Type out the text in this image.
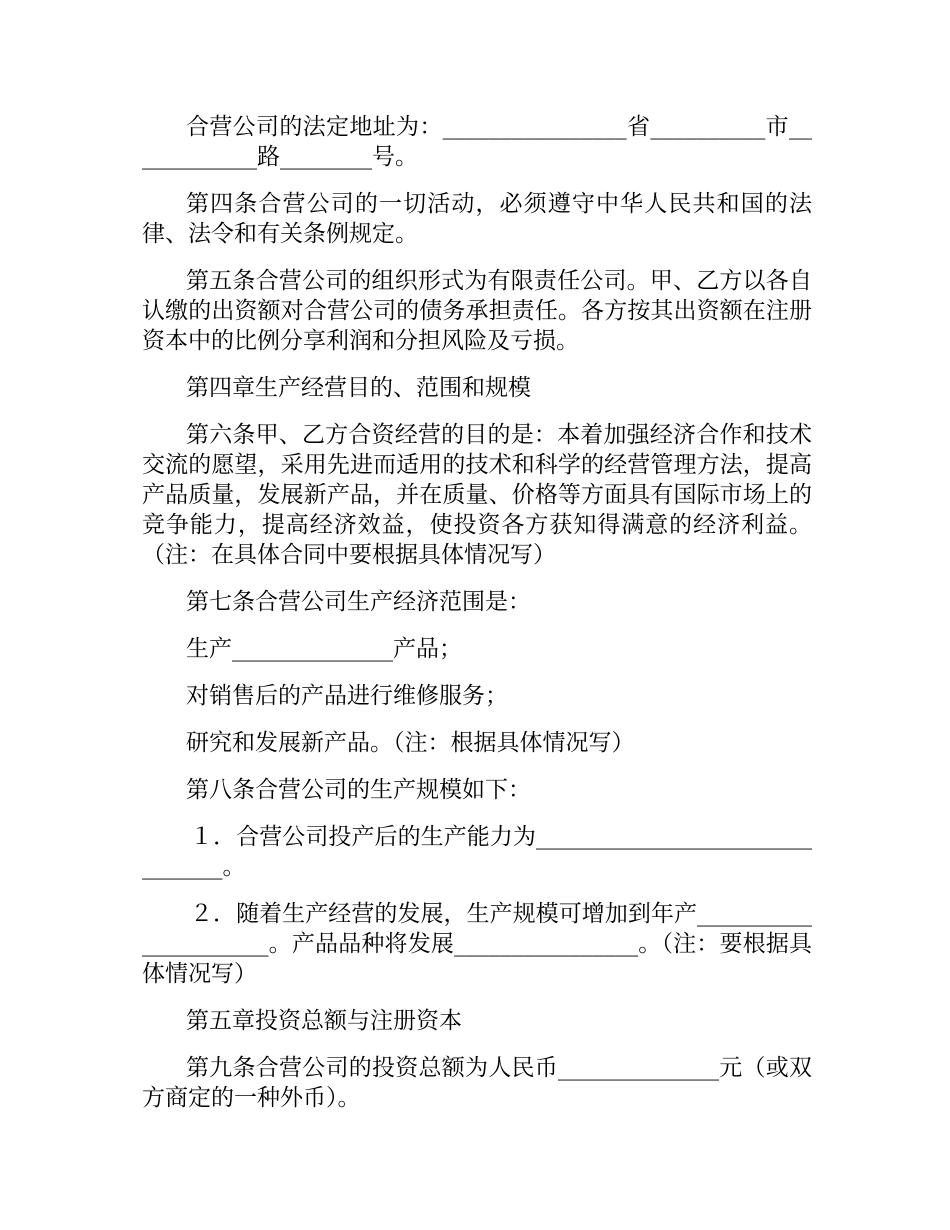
合营公司的法定地址为：________________省__________市____________路________号。

第四条合营公司的一切活动，必须遵守中华人民共和国的法律、法令和有关条例规定。

第五条合营公司的组织形式为有限责任公司。甲、乙方以各自认缴的出资额对合营公司的债务承担责任。各方按其出资额在注册资本中的比例分享利润和分担风险及亏损。

第四章生产经营目的、范围和规模

第六条甲、乙方合资经营的目的是：本着加强经济合作和技术交流的愿望，采用先进而适用的技术和科学的经营管理方法，提高产品质量，发展新产品，并在质量、价格等方面具有国际市场上的竞争能力，提高经济效益，使投资各方获知得满意的经济利益。（注：在具体合同中要根据具体情况写）

第七条合营公司生产经济范围是：

生产______________产品；

对销售后的产品进行维修服务；

研究和发展新产品。（注：根据具体情况写）

第八条合营公司的生产规模如下：

１．合营公司投产后的生产能力为_______________________________。

２．随着生产经营的发展，生产规模可增加到年产_____________________。产品品种将发展________________。（注：要根据具体情况写）

第五章投资总额与注册资本

第九条合营公司的投资总额为人民币______________元（或双方商定的一种外币）。
